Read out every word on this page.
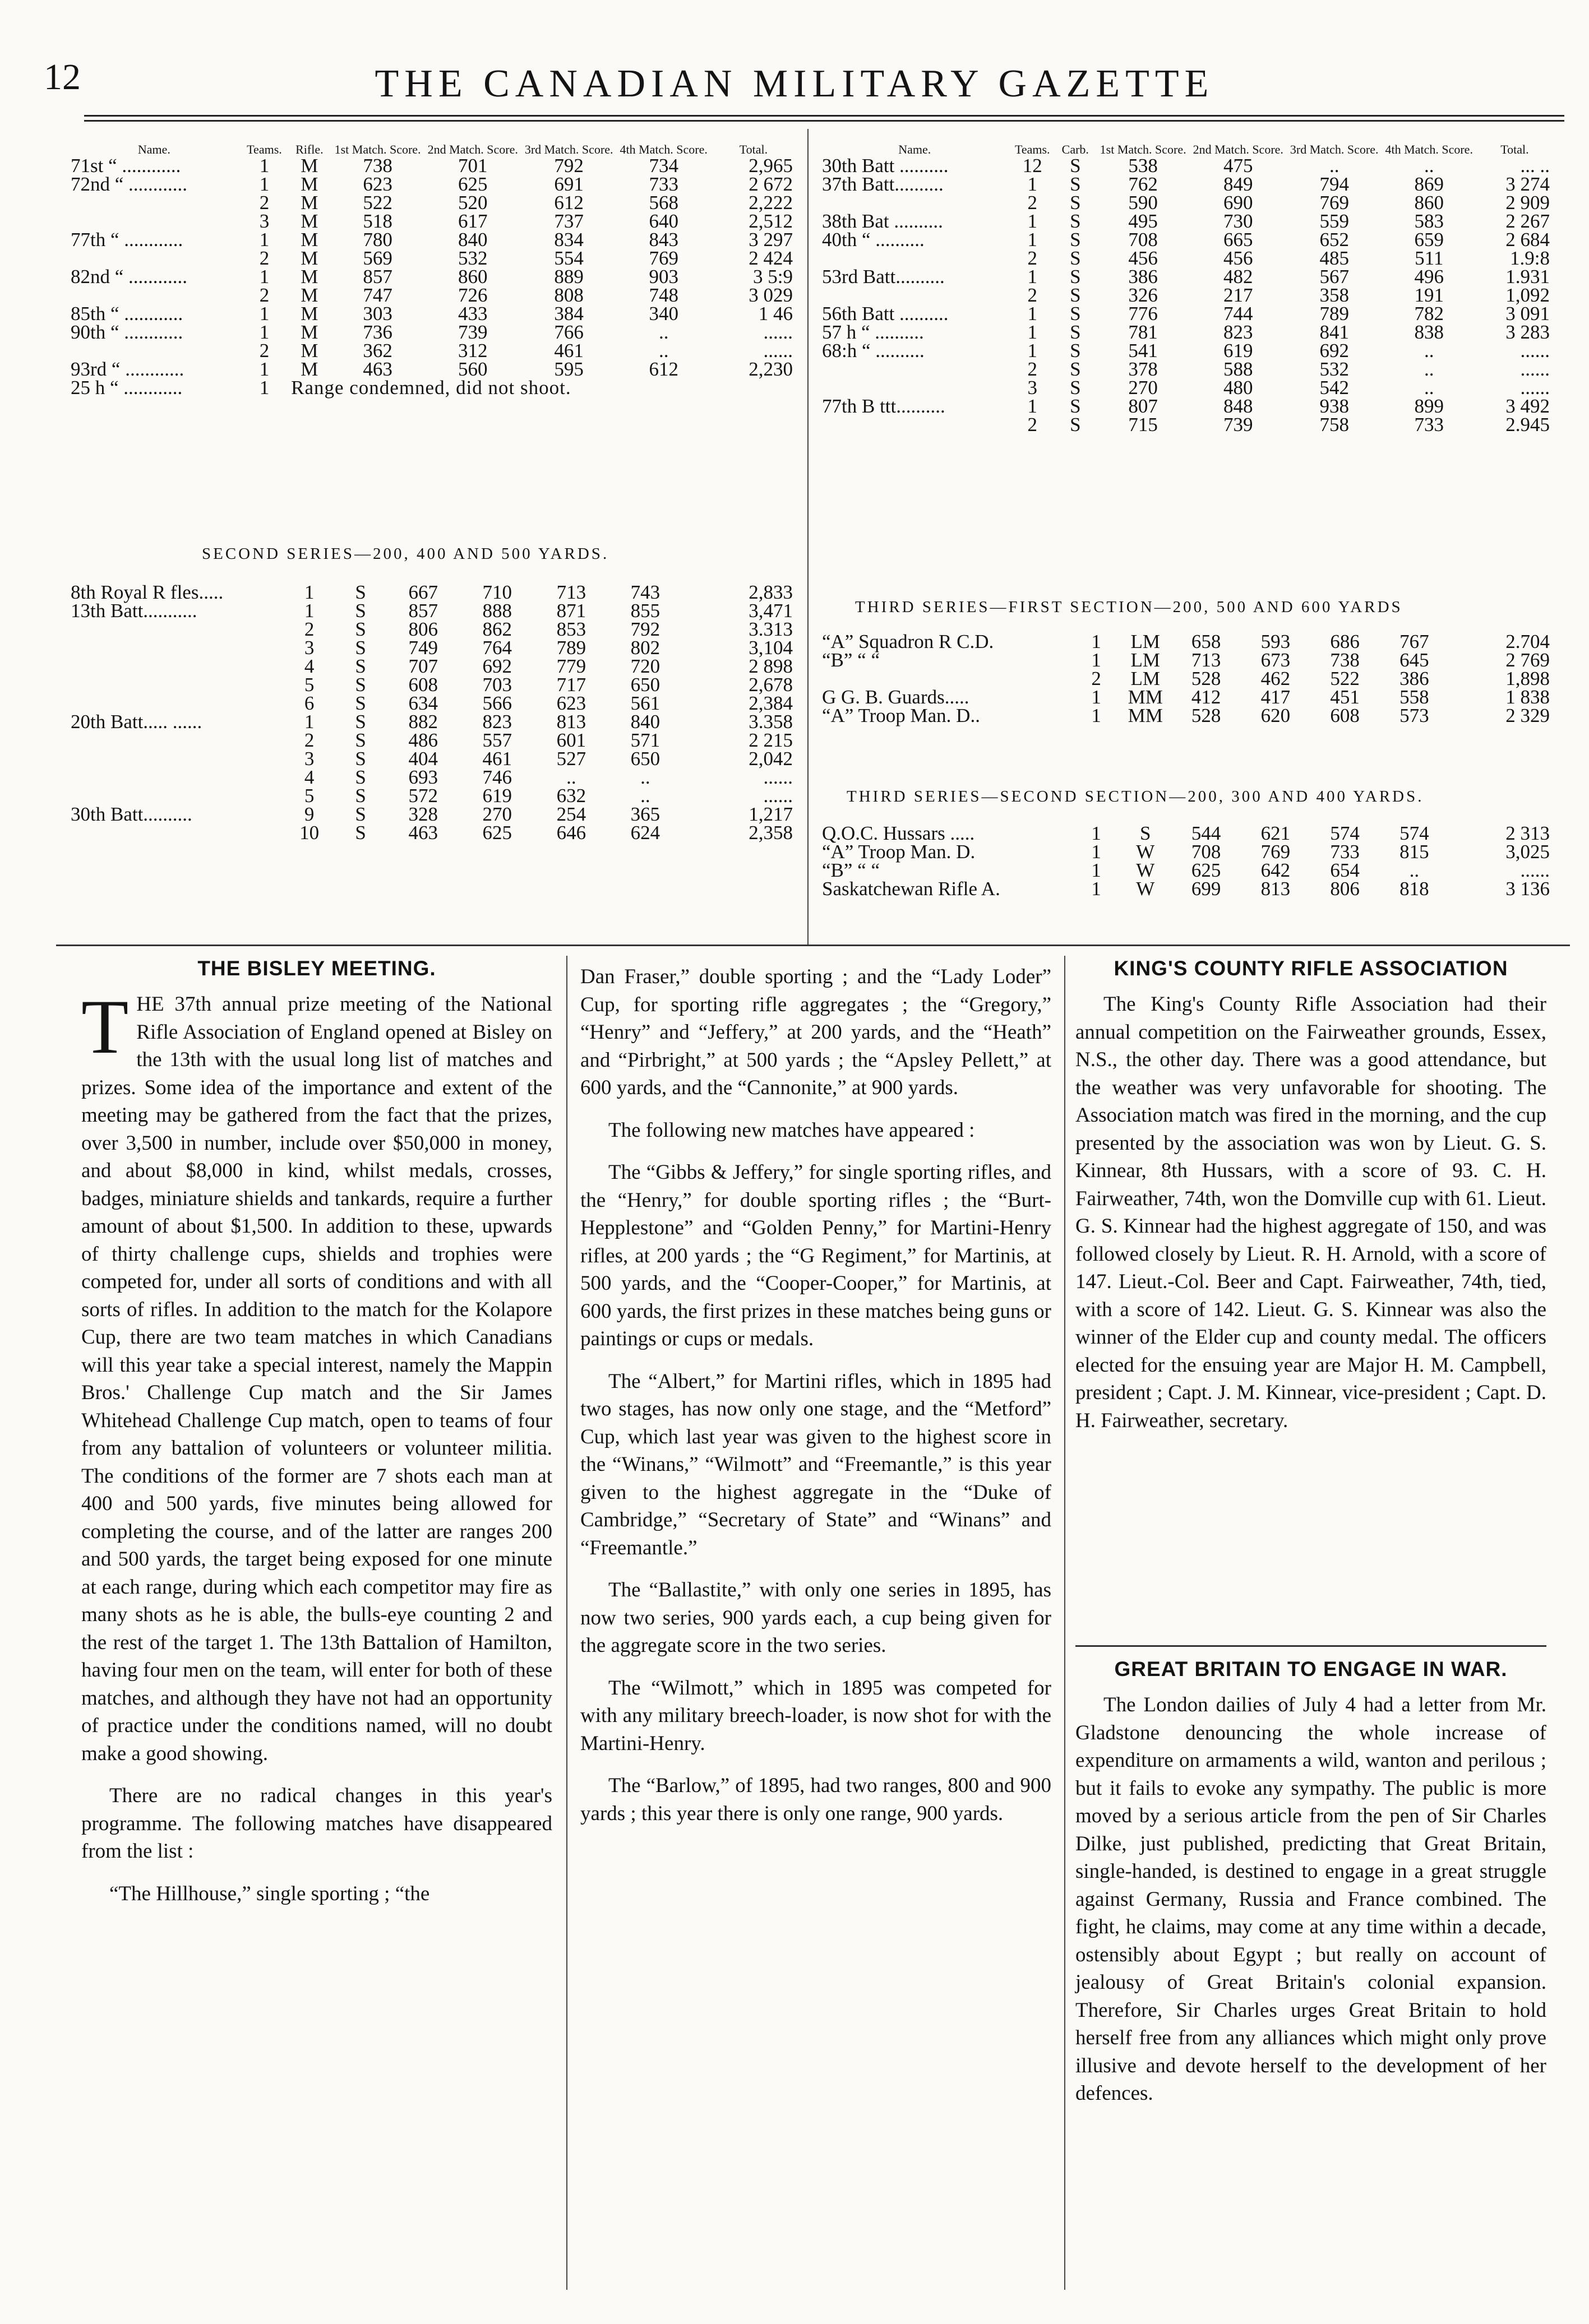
12	THE CANADIAN MILITARY GAZETTE
Name.	Teams.	Rifle.	1st Match. Score.	2nd Match. Score.	3rd Match. Score.	4th Match. Score.	Total.
71st “ ............	1	M	738	701	792	734	2,965
72nd “ ............	1	M	623	625	691	733	2 672
	2	M	522	520	612	568	2,222
	3	M	518	617	737	640	2,512
77th “ ............	1	M	780	840	834	843	3 297
	2	M	569	532	554	769	2 424
82nd “ ............	1	M	857	860	889	903	3 5:9
	2	M	747	726	808	748	3 029
85th “ ............	1	M	303	433	384	340	1 46
90th “ ............	1	M	736	739	766	..	......
	2	M	362	312	461	..	......
93rd “ ............	1	M	463	560	595	612	2,230
25 h “ ............	1	Range condemned, did not shoot.					
SECOND SERIES—200, 400 AND 500 YARDS.
8th Royal R fles.....	1	S	667	710	713	743	2,833
13th Batt...........	1	S	857	888	871	855	3,471
	2	S	806	862	853	792	3.313
	3	S	749	764	789	802	3,104
	4	S	707	692	779	720	2 898
	5	S	608	703	717	650	2,678
	6	S	634	566	623	561	2,384
20th Batt..... ......	1	S	882	823	813	840	3.358
	2	S	486	557	601	571	2 215
	3	S	404	461	527	650	2,042
	4	S	693	746	..	..	......
	5	S	572	619	632	..	......
30th Batt..........	9	S	328	270	254	365	1,217
	10	S	463	625	646	624	2,358
Name.	Teams.	Carb.	1st Match. Score.	2nd Match. Score.	3rd Match. Score.	4th Match. Score.	Total.
30th Batt ..........	12	S	538	475	..	..	... ..
37th Batt..........	1	S	762	849	794	869	3 274
	2	S	590	690	769	860	2 909
38th Bat ..........	1	S	495	730	559	583	2 267
40th “ ..........	1	S	708	665	652	659	2 684
	2	S	456	456	485	511	1.9:8
53rd Batt..........	1	S	386	482	567	496	1.931
	2	S	326	217	358	191	1,092
56th Batt ..........	1	S	776	744	789	782	3 091
57 h “ ..........	1	S	781	823	841	838	3 283
68:h “ ..........	1	S	541	619	692	..	......
	2	S	378	588	532	..	......
	3	S	270	480	542	..	......
77th B ttt..........	1	S	807	848	938	899	3 492
	2	S	715	739	758	733	2.945
THIRD SERIES—FIRST SECTION—200, 500 AND 600 YARDS
“A” Squadron R C.D.	1	LM	658	593	686	767	2.704
“B” “ “	1	LM	713	673	738	645	2 769
	2	LM	528	462	522	386	1,898
G G. B. Guards.....	1	MM	412	417	451	558	1 838
“A” Troop Man. D..	1	MM	528	620	608	573	2 329
THIRD SERIES—SECOND SECTION—200, 300 AND 400 YARDS.
Q.O.C. Hussars .....	1	S	544	621	574	574	2 313
“A” Troop Man. D.	1	W	708	769	733	815	3,025
“B” “ “	1	W	625	642	654	..	......
Saskatchewan Rifle A.	1	W	699	813	806	818	3 136
THE BISLEY MEETING.

THE 37th annual prize meeting of the National Rifle Association of England opened at Bisley on the 13th with the usual long list of matches and prizes. Some idea of the importance and extent of the meeting may be gathered from the fact that the prizes, over 3,500 in number, include over $50,000 in money, and about $8,000 in kind, whilst medals, crosses, badges, miniature shields and tankards, require a further amount of about $1,500. In addition to these, upwards of thirty challenge cups, shields and trophies were competed for, under all sorts of conditions and with all sorts of rifles. In addition to the match for the Kolapore Cup, there are two team matches in which Canadians will this year take a special interest, namely the Mappin Bros.' Challenge Cup match and the Sir James Whitehead Challenge Cup match, open to teams of four from any battalion of volunteers or volunteer militia. The conditions of the former are 7 shots each man at 400 and 500 yards, five minutes being allowed for completing the course, and of the latter are ranges 200 and 500 yards, the target being exposed for one minute at each range, during which each competitor may fire as many shots as he is able, the bulls-eye counting 2 and the rest of the target 1. The 13th Battalion of Hamilton, having four men on the team, will enter for both of these matches, and although they have not had an opportunity of practice under the conditions named, will no doubt make a good showing.

There are no radical changes in this year's programme. The following matches have disappeared from the list :

“The Hillhouse,” single sporting ; “the

Dan Fraser,” double sporting ; and the “Lady Loder” Cup, for sporting rifle aggregates ; the “Gregory,” “Henry” and “Jeffery,” at 200 yards, and the “Heath” and “Pirbright,” at 500 yards ; the “Apsley Pellett,” at 600 yards, and the “Cannonite,” at 900 yards.

The following new matches have appeared :

The “Gibbs & Jeffery,” for single sporting rifles, and the “Henry,” for double sporting rifles ; the “Burt-Hepplestone” and “Golden Penny,” for Martini-Henry rifles, at 200 yards ; the “G Regiment,” for Martinis, at 500 yards, and the “Cooper-Cooper,” for Martinis, at 600 yards, the first prizes in these matches being guns or paintings or cups or medals.

The “Albert,” for Martini rifles, which in 1895 had two stages, has now only one stage, and the “Metford” Cup, which last year was given to the highest score in the “Winans,” “Wilmott” and “Freemantle,” is this year given to the highest aggregate in the “Duke of Cambridge,” “Secretary of State” and “Winans” and “Freemantle.”

The “Ballastite,” with only one series in 1895, has now two series, 900 yards each, a cup being given for the aggregate score in the two series.

The “Wilmott,” which in 1895 was competed for with any military breech-loader, is now shot for with the Martini-Henry.

The “Barlow,” of 1895, had two ranges, 800 and 900 yards ; this year there is only one range, 900 yards.

KING'S COUNTY RIFLE ASSOCIATION

The King's County Rifle Association had their annual competition on the Fairweather grounds, Essex, N.S., the other day. There was a good attendance, but the weather was very unfavorable for shooting. The Association match was fired in the morning, and the cup presented by the association was won by Lieut. G. S. Kinnear, 8th Hussars, with a score of 93. C. H. Fairweather, 74th, won the Domville cup with 61. Lieut. G. S. Kinnear had the highest aggregate of 150, and was followed closely by Lieut. R. H. Arnold, with a score of 147. Lieut.-Col. Beer and Capt. Fairweather, 74th, tied, with a score of 142. Lieut. G. S. Kinnear was also the winner of the Elder cup and county medal. The officers elected for the ensuing year are Major H. M. Campbell, president ; Capt. J. M. Kinnear, vice-president ; Capt. D. H. Fairweather, secretary.

GREAT BRITAIN TO ENGAGE IN WAR.

The London dailies of July 4 had a letter from Mr. Gladstone denouncing the whole increase of expenditure on armaments a wild, wanton and perilous ; but it fails to evoke any sympathy. The public is more moved by a serious article from the pen of Sir Charles Dilke, just published, predicting that Great Britain, single-handed, is destined to engage in a great struggle against Germany, Russia and France combined. The fight, he claims, may come at any time within a decade, ostensibly about Egypt ; but really on account of jealousy of Great Britain's colonial expansion. Therefore, Sir Charles urges Great Britain to hold herself free from any alliances which might only prove illusive and devote herself to the development of her defences.
